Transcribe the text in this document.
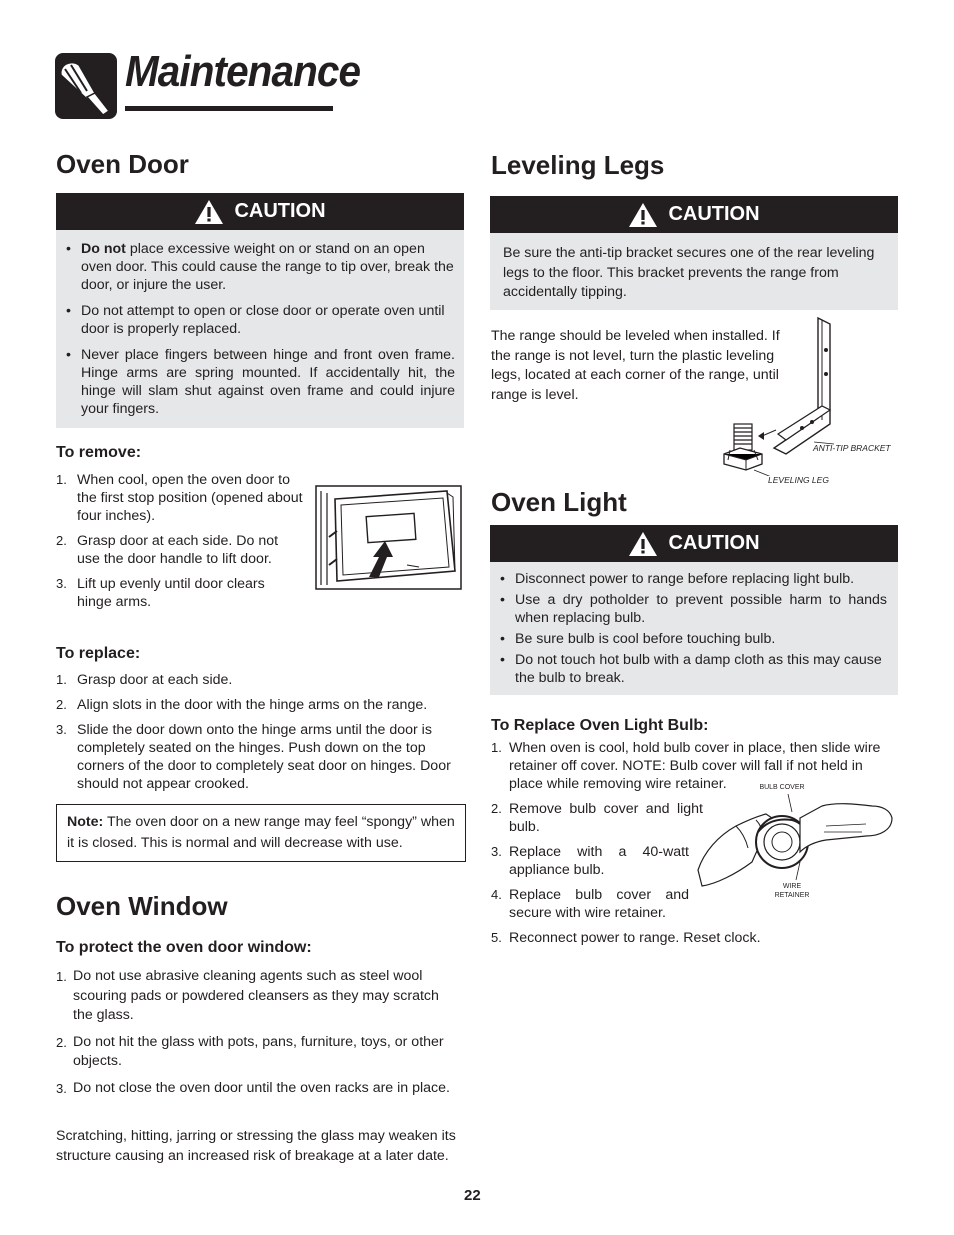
Maintenance
Oven Door
CAUTION
• Do not place excessive weight on or stand on an open oven door. This could cause the range to tip over, break the door, or injure the user.
• Do not attempt to open or close door or operate oven until door is properly replaced.
• Never place fingers between hinge and front oven frame. Hinge arms are spring mounted. If accidentally hit, the hinge will slam shut against oven frame and could injure your fingers.
To remove:
1. When cool, open the oven door to the first stop position (opened about four inches).
2. Grasp door at each side. Do not use the door handle to lift door.
3. Lift up evenly until door clears hinge arms.
To replace:
1. Grasp door at each side.
2. Align slots in the door with the hinge arms on the range.
3. Slide the door down onto the hinge arms until the door is completely seated on the hinges. Push down on the top corners of the door to completely seat door on hinges. Door should not appear crooked.
Note: The oven door on a new range may feel “spongy” when it is closed. This is normal and will decrease with use.
Oven Window
To protect the oven door window:
1. Do not use abrasive cleaning agents such as steel wool scouring pads or powdered cleansers as they may scratch the glass.
2. Do not hit the glass with pots, pans, furniture, toys, or other objects.
3. Do not close the oven door until the oven racks are in place.
Scratching, hitting, jarring or stressing the glass may weaken its structure causing an increased risk of breakage at a later date.
Leveling Legs
CAUTION
Be sure the anti-tip bracket secures one of the rear leveling legs to the floor. This bracket prevents the range from accidentally tipping.
The range should be leveled when installed. If the range is not level, turn the plastic leveling legs, located at each corner of the range, until range is level.
ANTI-TIP BRACKET
LEVELING LEG
Oven Light
CAUTION
• Disconnect power to range before replacing light bulb.
• Use a dry potholder to prevent possible harm to hands when replacing bulb.
• Be sure bulb is cool before touching bulb.
• Do not touch hot bulb with a damp cloth as this may cause the bulb to break.
To Replace Oven Light Bulb:
1. When oven is cool, hold bulb cover in place, then slide wire retainer off cover. NOTE: Bulb cover will fall if not held in place while removing wire retainer.
2. Remove bulb cover and light bulb.
3. Replace with a 40-watt appliance bulb.
4. Replace bulb cover and secure with wire retainer.
5. Reconnect power to range. Reset clock.
BULB COVER
WIRE
RETAINER
22
